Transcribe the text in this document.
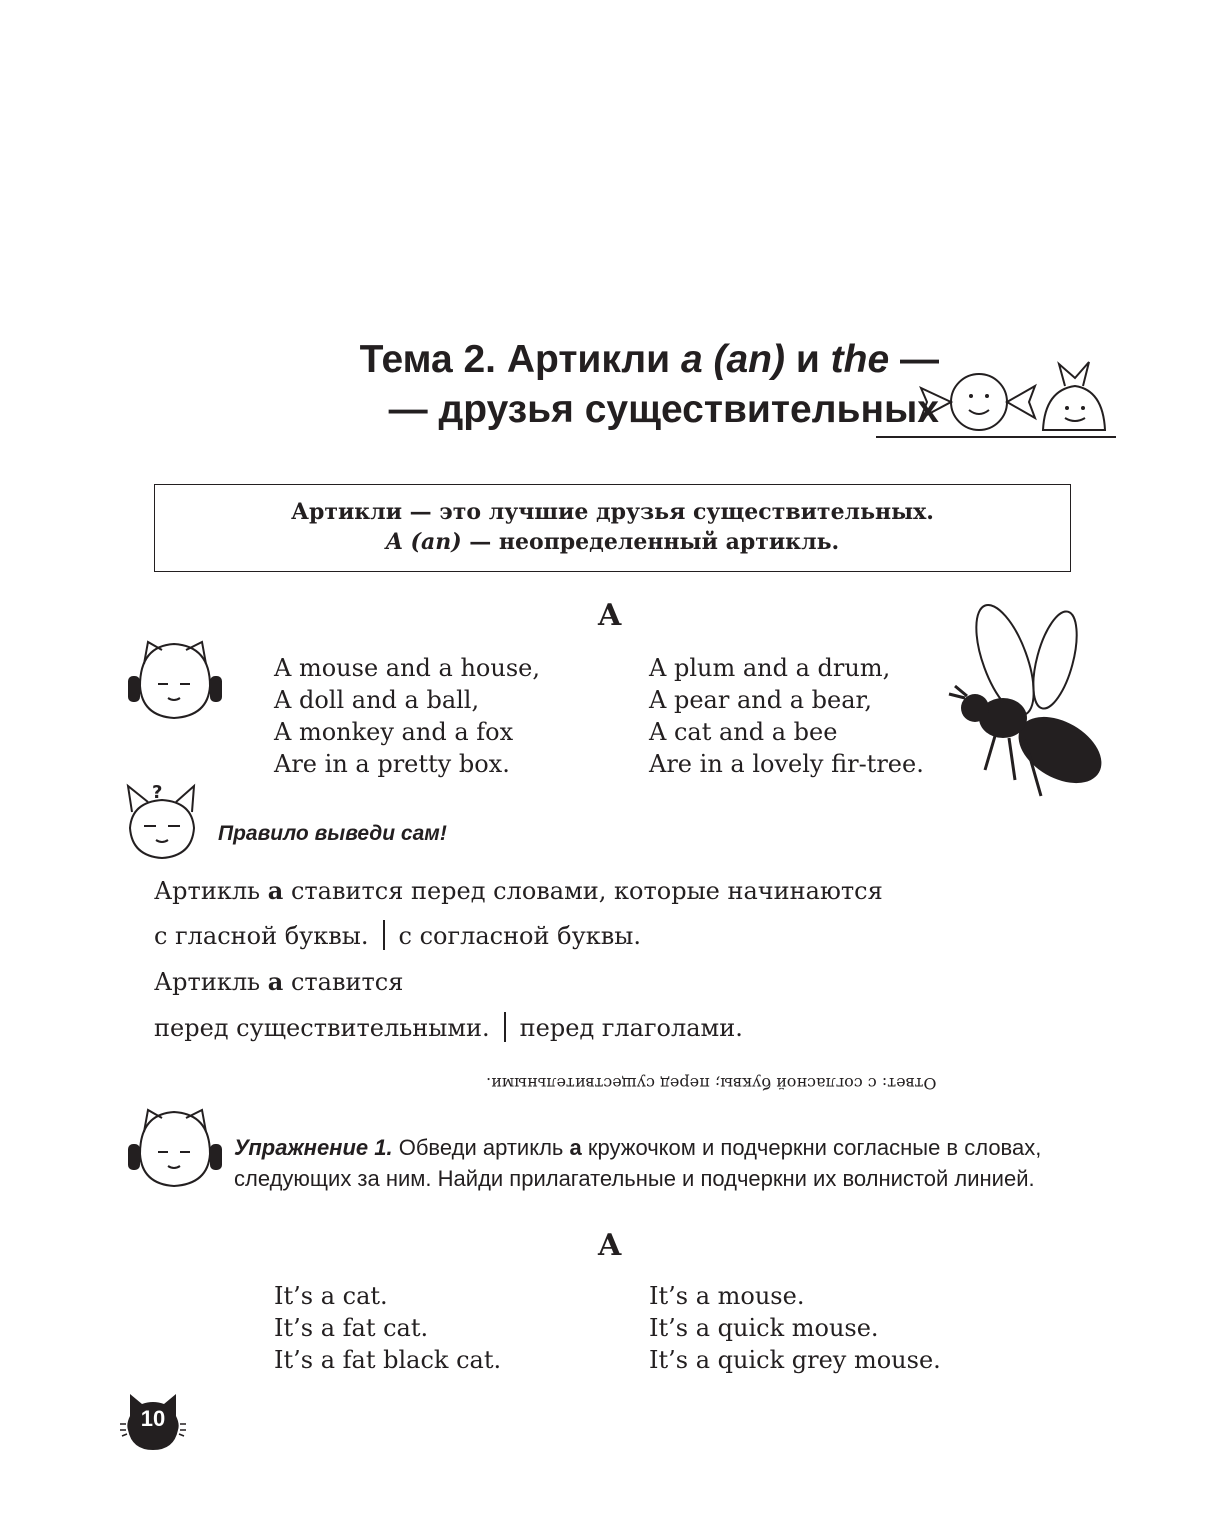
Тема 2. Артикли a (an) и the —
— друзья существительных
Артикли — это лучшие друзья существительных.
A (an) — неопределенный артикль.
A
A mouse and a house,
A doll and a ball,
A monkey and a fox
Are in a pretty box.
A plum and a drum,
A pear and a bear,
A cat and a bee
Are in a lovely fir-tree.
?
Правило выведи сам!
Артикль а ставится перед словами, которые начинаются
с гласной буквы. с согласной буквы.
Артикль а ставится
перед существительными. перед глаголами.
Ответ: с согласной буквы; перед существительными.
Упражнение 1. Обведи артикль а кружочком и подчеркни согласные в словах, следующих за ним. Найди прилагательные и подчеркни их волнистой линией.
A
It’s a cat.
It’s a fat cat.
It’s a fat black cat.
It’s a mouse.
It’s a quick mouse.
It’s a quick grey mouse.
10
